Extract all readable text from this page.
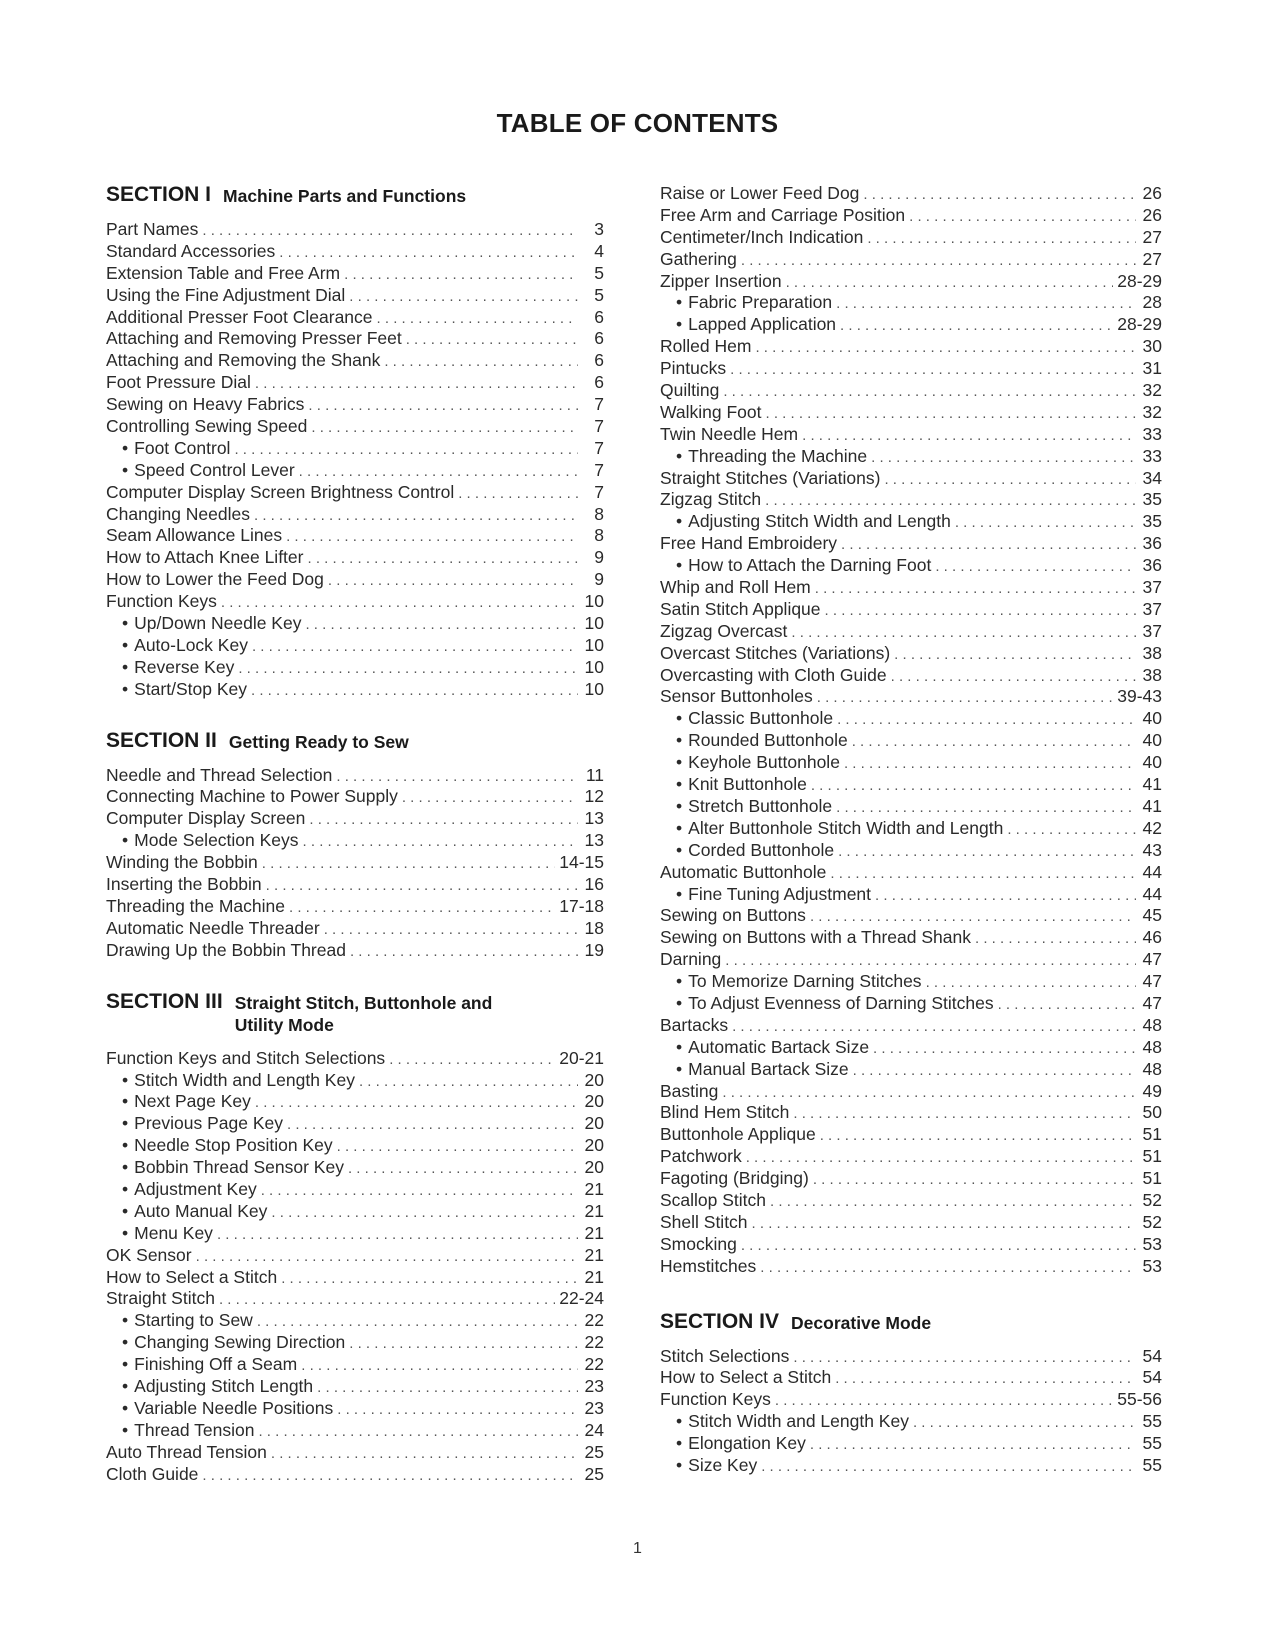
TABLE OF CONTENTS
SECTION I Machine Parts and Functions
Part Names . . .	3
Standard Accessories . . .	4
Extension Table and Free Arm . . .	5
Using the Fine Adjustment Dial . . .	5
Additional Presser Foot Clearance . . .	6
Attaching and Removing Presser Feet . . .	6
Attaching and Removing the Shank . . .	6
Foot Pressure Dial . . .	6
Sewing on Heavy Fabrics . . .	7
Controlling Sewing Speed . . .	7
• Foot Control . . .	7
• Speed Control Lever . . .	7
Computer Display Screen Brightness Control . . .	7
Changing Needles . . .	8
Seam Allowance Lines . . .	8
How to Attach Knee Lifter . . .	9
How to Lower the Feed Dog . . .	9
Function Keys . . .	10
• Up/Down Needle Key . . .	10
• Auto-Lock Key . . .	10
• Reverse Key . . .	10
• Start/Stop Key . . .	10
SECTION II Getting Ready to Sew
Needle and Thread Selection . . .	11
Connecting Machine to Power Supply . . .	12
Computer Display Screen . . .	13
• Mode Selection Keys . . .	13
Winding the Bobbin . . .	14-15
Inserting the Bobbin . . .	16
Threading the Machine . . .	17-18
Automatic Needle Threader . . .	18
Drawing Up the Bobbin Thread . . .	19
SECTION III Straight Stitch, Buttonhole and Utility Mode
Function Keys and Stitch Selections . . .	20-21
• Stitch Width and Length Key . . .	20
• Next Page Key . . .	20
• Previous Page Key . . .	20
• Needle Stop Position Key . . .	20
• Bobbin Thread Sensor Key . . .	20
• Adjustment Key . . .	21
• Auto Manual Key . . .	21
• Menu Key . . .	21
OK Sensor . . .	21
How to Select a Stitch . . .	21
Straight Stitch . . .	22-24
• Starting to Sew . . .	22
• Changing Sewing Direction . . .	22
• Finishing Off a Seam . . .	22
• Adjusting Stitch Length . . .	23
• Variable Needle Positions . . .	23
• Thread Tension . . .	24
Auto Thread Tension . . .	25
Cloth Guide . . .	25
Raise or Lower Feed Dog . . .	26
Free Arm and Carriage Position . . .	26
Centimeter/Inch Indication . . .	27
Gathering . . .	27
Zipper Insertion . . .	28-29
• Fabric Preparation . . .	28
• Lapped Application . . .	28-29
Rolled Hem . . .	30
Pintucks . . .	31
Quilting . . .	32
Walking Foot . . .	32
Twin Needle Hem . . .	33
• Threading the Machine . . .	33
Straight Stitches (Variations) . . .	34
Zigzag Stitch . . .	35
• Adjusting Stitch Width and Length . . .	35
Free Hand Embroidery . . .	36
• How to Attach the Darning Foot . . .	36
Whip and Roll Hem . . .	37
Satin Stitch Applique . . .	37
Zigzag Overcast . . .	37
Overcast Stitches (Variations) . . .	38
Overcasting with Cloth Guide . . .	38
Sensor Buttonholes . . .	39-43
• Classic Buttonhole . . .	40
• Rounded Buttonhole . . .	40
• Keyhole Buttonhole . . .	40
• Knit Buttonhole . . .	41
• Stretch Buttonhole . . .	41
• Alter Buttonhole Stitch Width and Length . . .	42
• Corded Buttonhole . . .	43
Automatic Buttonhole . . .	44
• Fine Tuning Adjustment . . .	44
Sewing on Buttons . . .	45
Sewing on Buttons with a Thread Shank . . .	46
Darning . . .	47
• To Memorize Darning Stitches . . .	47
• To Adjust Evenness of Darning Stitches . . .	47
Bartacks . . .	48
• Automatic Bartack Size . . .	48
• Manual Bartack Size . . .	48
Basting . . .	49
Blind Hem Stitch . . .	50
Buttonhole Applique . . .	51
Patchwork . . .	51
Fagoting (Bridging) . . .	51
Scallop Stitch . . .	52
Shell Stitch . . .	52
Smocking . . .	53
Hemstitches . . .	53
SECTION IV Decorative Mode
Stitch Selections . . .	54
How to Select a Stitch . . .	54
Function Keys . . .	55-56
• Stitch Width and Length Key . . .	55
• Elongation Key . . .	55
• Size Key . . .	55
1
